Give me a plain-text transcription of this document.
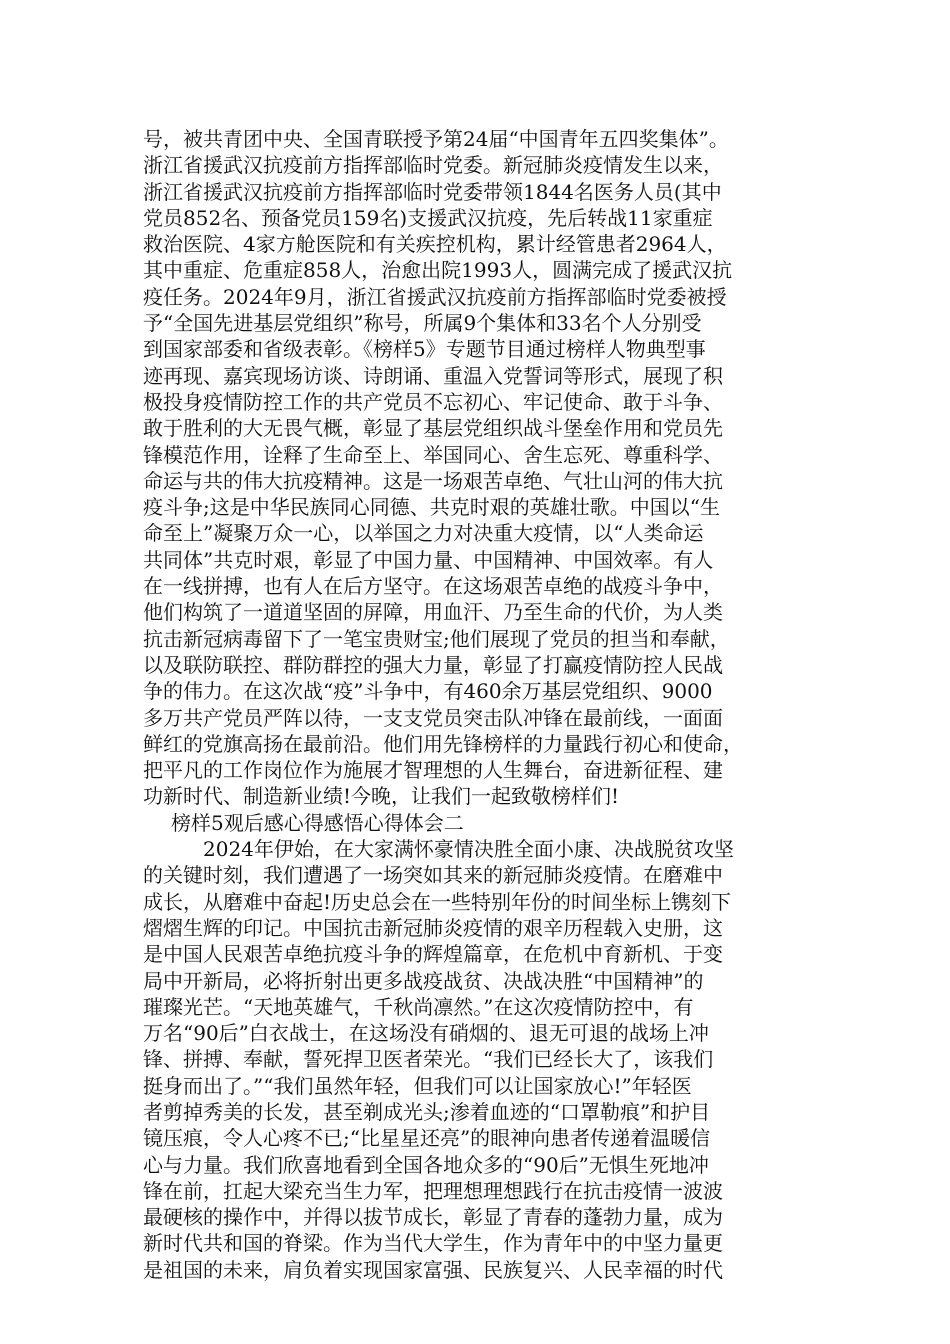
号，被共青团中央、全国青联授予第24届“中国青年五四奖集体”。
浙江省援武汉抗疫前方指挥部临时党委。新冠肺炎疫情发生以来，
浙江省援武汉抗疫前方指挥部临时党委带领1844名医务人员(其中
党员852名、预备党员159名)支援武汉抗疫，先后转战11家重症
救治医院、4家方舱医院和有关疾控机构，累计经管患者2964人，
其中重症、危重症858人，治愈出院1993人，圆满完成了援武汉抗
疫任务。2024年9月，浙江省援武汉抗疫前方指挥部临时党委被授
予“全国先进基层党组织”称号，所属9个集体和33名个人分别受
到国家部委和省级表彰。《榜样5》专题节目通过榜样人物典型事
迹再现、嘉宾现场访谈、诗朗诵、重温入党誓词等形式，展现了积
极投身疫情防控工作的共产党员不忘初心、牢记使命、敢于斗争、
敢于胜利的大无畏气概，彰显了基层党组织战斗堡垒作用和党员先
锋模范作用，诠释了生命至上、举国同心、舍生忘死、尊重科学、
命运与共的伟大抗疫精神。这是一场艰苦卓绝、气壮山河的伟大抗
疫斗争;这是中华民族同心同德、共克时艰的英雄壮歌。中国以“生
命至上”凝聚万众一心，以举国之力对决重大疫情，以“人类命运
共同体”共克时艰，彰显了中国力量、中国精神、中国效率。有人
在一线拼搏，也有人在后方坚守。在这场艰苦卓绝的战疫斗争中，
他们构筑了一道道坚固的屏障，用血汗、乃至生命的代价，为人类
抗击新冠病毒留下了一笔宝贵财宝;他们展现了党员的担当和奉献，
以及联防联控、群防群控的强大力量，彰显了打赢疫情防控人民战
争的伟力。在这次战“疫”斗争中，有460余万基层党组织、9000
多万共产党员严阵以待，一支支党员突击队冲锋在最前线，一面面
鲜红的党旗高扬在最前沿。他们用先锋榜样的力量践行初心和使命，
把平凡的工作岗位作为施展才智理想的人生舞台，奋进新征程、建
功新时代、制造新业绩!今晚，让我们一起致敬榜样们!
榜样5观后感心得感悟心得体会二
2024年伊始，在大家满怀豪情决胜全面小康、决战脱贫攻坚
的关键时刻，我们遭遇了一场突如其来的新冠肺炎疫情。在磨难中
成长，从磨难中奋起!历史总会在一些特别年份的时间坐标上镌刻下
熠熠生辉的印记。中国抗击新冠肺炎疫情的艰辛历程载入史册，这
是中国人民艰苦卓绝抗疫斗争的辉煌篇章，在危机中育新机、于变
局中开新局，必将折射出更多战疫战贫、决战决胜“中国精神”的
璀璨光芒。“天地英雄气，千秋尚凛然。”在这次疫情防控中，有
万名“90后”白衣战士，在这场没有硝烟的、退无可退的战场上冲
锋、拼搏、奉献，誓死捍卫医者荣光。“我们已经长大了，该我们
挺身而出了。”“我们虽然年轻，但我们可以让国家放心!”年轻医
者剪掉秀美的长发，甚至剃成光头;渗着血迹的“口罩勒痕”和护目
镜压痕，令人心疼不已;“比星星还亮”的眼神向患者传递着温暖信
心与力量。我们欣喜地看到全国各地众多的“90后”无惧生死地冲
锋在前，扛起大梁充当生力军，把理想理想践行在抗击疫情一波波
最硬核的操作中，并得以拔节成长，彰显了青春的蓬勃力量，成为
新时代共和国的脊梁。作为当代大学生，作为青年中的中坚力量更
是祖国的未来，肩负着实现国家富强、民族复兴、人民幸福的时代
